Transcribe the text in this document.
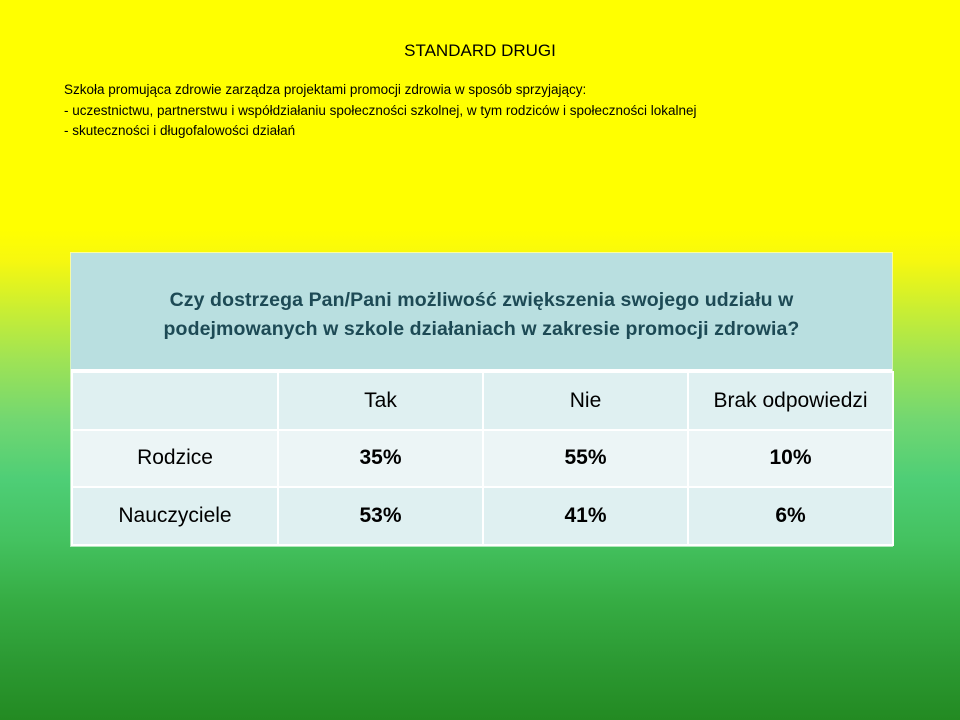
STANDARD DRUGI
Szkoła promująca zdrowie zarządza projektami promocji zdrowia w sposób sprzyjający:
- uczestnictwu, partnerstwu i współdziałaniu społeczności szkolnej, w tym rodziców i społeczności lokalnej
- skuteczności i długofalowości działań
Czy dostrzega Pan/Pani możliwość zwiększenia swojego udziału w
podejmowanych w szkole działaniach w zakresie promocji zdrowia?
	Tak	Nie	Brak odpowiedzi
Rodzice	35%	55%	10%
Nauczyciele	53%	41%	6%
